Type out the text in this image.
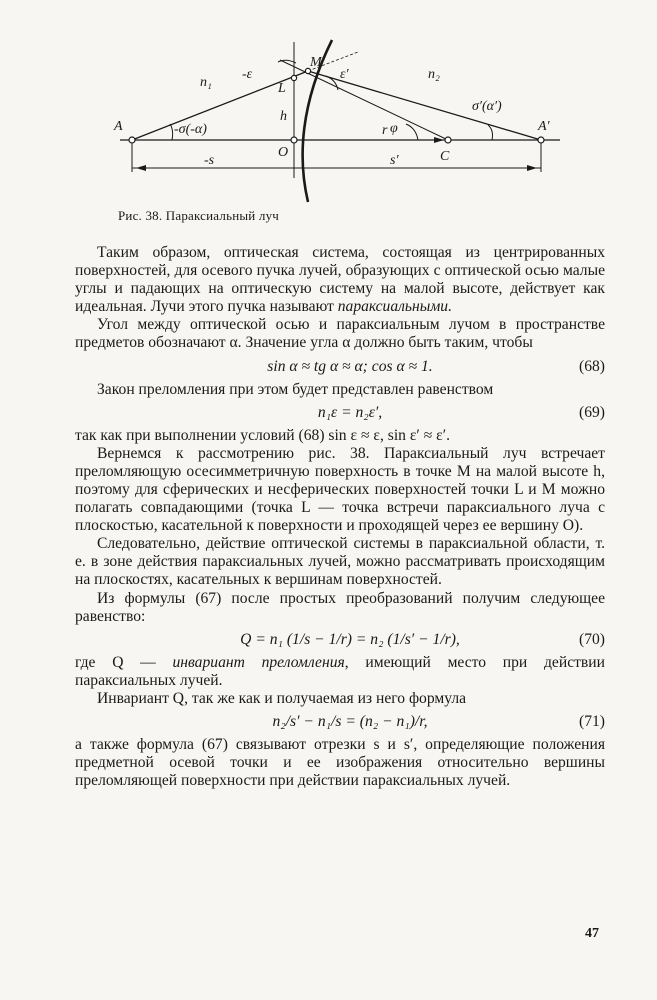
A	A′
O	C
L
M
h
r φ
-s	s′
-ε	ε′
n₁
n₂
-σ(-α)
σ′(α′)
Рис. 38. Параксиальный луч

Таким образом, оптическая система, состоящая из центрированных поверхностей, для осевого пучка лучей, образующих с оптической осью малые углы и падающих на оптическую систему на малой высоте, действует как идеальная. Лучи этого пучка называют параксиальными.

Угол между оптической осью и параксиальным лучом в пространстве предметов обозначают α. Значение угла α должно быть таким, чтобы

sin α ≈ tg α ≈ α; cos α ≈ 1.	(68)

Закон преломления при этом будет представлен равенством

n₁ε = n₂ε′,	(69)

так как при выполнении условий (68) sin ε ≈ ε, sin ε′ ≈ ε′.

Вернемся к рассмотрению рис. 38. Параксиальный луч встречает преломляющую осесимметричную поверхность в точке M на малой высоте h, поэтому для сферических и несферических поверхностей точки L и M можно полагать совпадающими (точка L — точка встречи параксиального луча с плоскостью, касательной к поверхности и проходящей через ее вершину O).

Следовательно, действие оптической системы в параксиальной области, т. е. в зоне действия параксиальных лучей, можно рассматривать происходящим на плоскостях, касательных к вершинам поверхностей.

Из формулы (67) после простых преобразований получим следующее равенство:

Q = n₁ (1/s − 1/r) = n₂ (1/s′ − 1/r),	(70)

где Q — инвариант преломления, имеющий место при действии параксиальных лучей.

Инвариант Q, так же как и получаемая из него формула

n₂/s′ − n₁/s = (n₂ − n₁)/r,	(71)

а также формула (67) связывают отрезки s и s′, определяющие положения предметной осевой точки и ее изображения относительно вершины преломляющей поверхности при действии параксиальных лучей.

47
